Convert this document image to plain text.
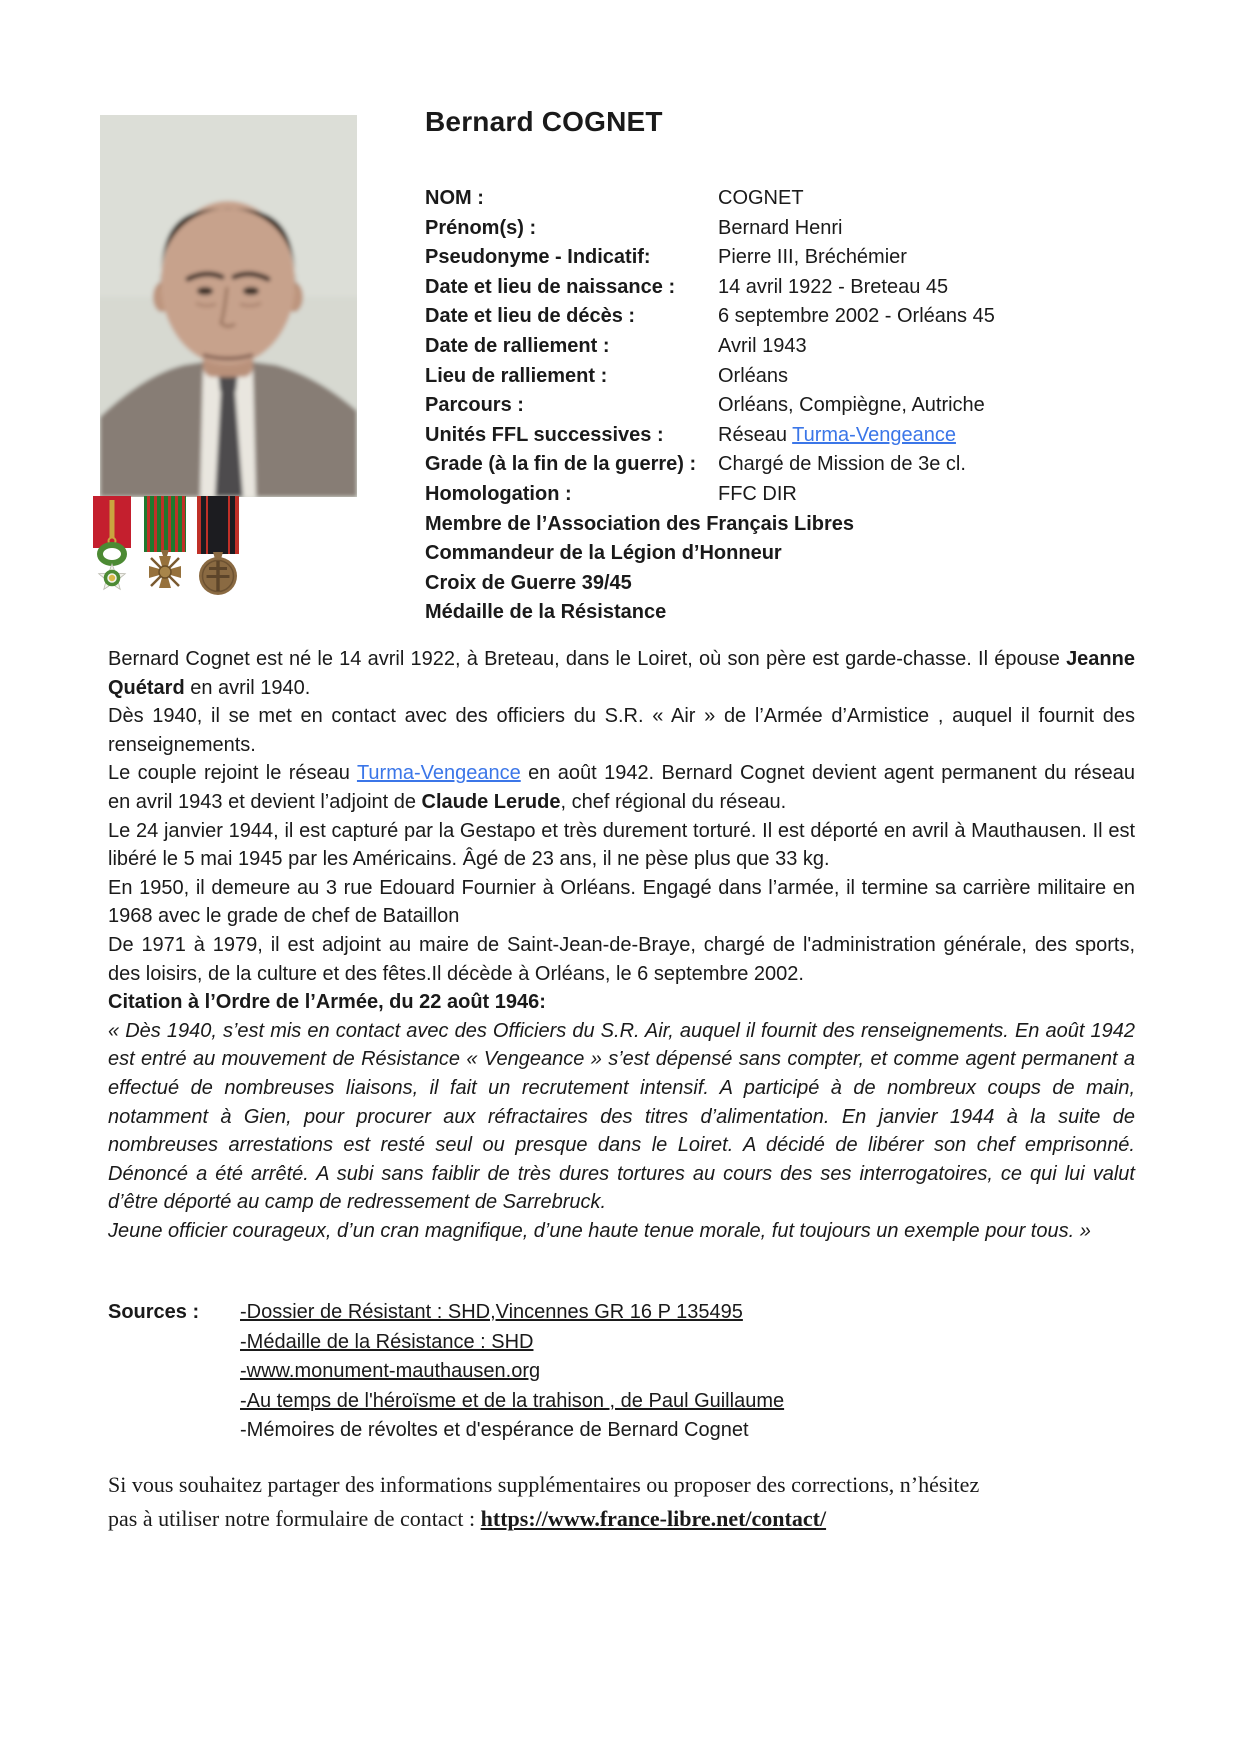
Bernard COGNET
NOM :	COGNET
Prénom(s) :	Bernard Henri
Pseudonyme - Indicatif:	Pierre III, Bréchémier
Date et lieu de naissance : 14 avril 1922 - Breteau 45
Date et lieu de décès :	6 septembre 2002 - Orléans 45
Date de ralliement :	Avril 1943
Lieu de ralliement :	Orléans
Parcours :	Orléans, Compiègne, Autriche
Unités FFL successives :	Réseau Turma-Vengeance
Grade (à la fin de la guerre) :Chargé de Mission de 3e cl.
Homologation :	FFC DIR
Membre de l’Association des Français Libres
Commandeur de la Légion d’Honneur
Croix de Guerre 39/45
Médaille de la Résistance

Bernard Cognet est né le 14 avril 1922, à Breteau, dans le Loiret, où son père est garde-chasse. Il épouse Jeanne Quétard en avril 1940.

Dès 1940, il se met en contact avec des officiers du S.R. « Air » de l’Armée d’Armistice , auquel il fournit des renseignements.

Le couple rejoint le réseau Turma-Vengeance en août 1942. Bernard Cognet devient agent permanent du réseau en avril 1943 et devient l’adjoint de Claude Lerude, chef régional du réseau.

Le 24 janvier 1944, il est capturé par la Gestapo et très durement torturé. Il est déporté en avril à Mauthausen. Il est libéré le 5 mai 1945 par les Américains. Âgé de 23 ans, il ne pèse plus que 33 kg.

En 1950, il demeure au 3 rue Edouard Fournier à Orléans. Engagé dans l’armée, il termine sa carrière militaire en 1968 avec le grade de chef de Bataillon

De 1971 à 1979, il est adjoint au maire de Saint-Jean-de-Braye, chargé de l'administration générale, des sports, des loisirs, de la culture et des fêtes.Il décède à Orléans, le 6 septembre 2002.

Citation à l’Ordre de l’Armée, du 22 août 1946:

« Dès 1940, s’est mis en contact avec des Officiers du S.R. Air, auquel il fournit des renseignements. En août 1942 est entré au mouvement de Résistance « Vengeance » s’est dépensé sans compter, et comme agent permanent a effectué de nombreuses liaisons, il fait un recrutement intensif. A participé à de nombreux coups de main, notamment à Gien, pour procurer aux réfractaires des titres d’alimentation. En janvier 1944 à la suite de nombreuses arrestations est resté seul ou presque dans le Loiret. A décidé de libérer son chef emprisonné. Dénoncé a été arrêté. A subi sans faiblir de très dures tortures au cours des ses interrogatoires, ce qui lui valut d’être déporté au camp de redressement de Sarrebruck.

Jeune officier courageux, d’un cran magnifique, d’une haute tenue morale, fut toujours un exemple pour tous. »

Sources :	-Dossier de Résistant : SHD,Vincennes GR 16 P 135495
-Médaille de la Résistance : SHD
-www.monument-mauthausen.org
-Au temps de l'héroïsme et de la trahison , de Paul Guillaume
-Mémoires de révoltes et d'espérance de Bernard Cognet
Si vous souhaitez partager des informations supplémentaires ou proposer des corrections, n’hésitez
pas à utiliser notre formulaire de contact : https://www.france-libre.net/contact/
